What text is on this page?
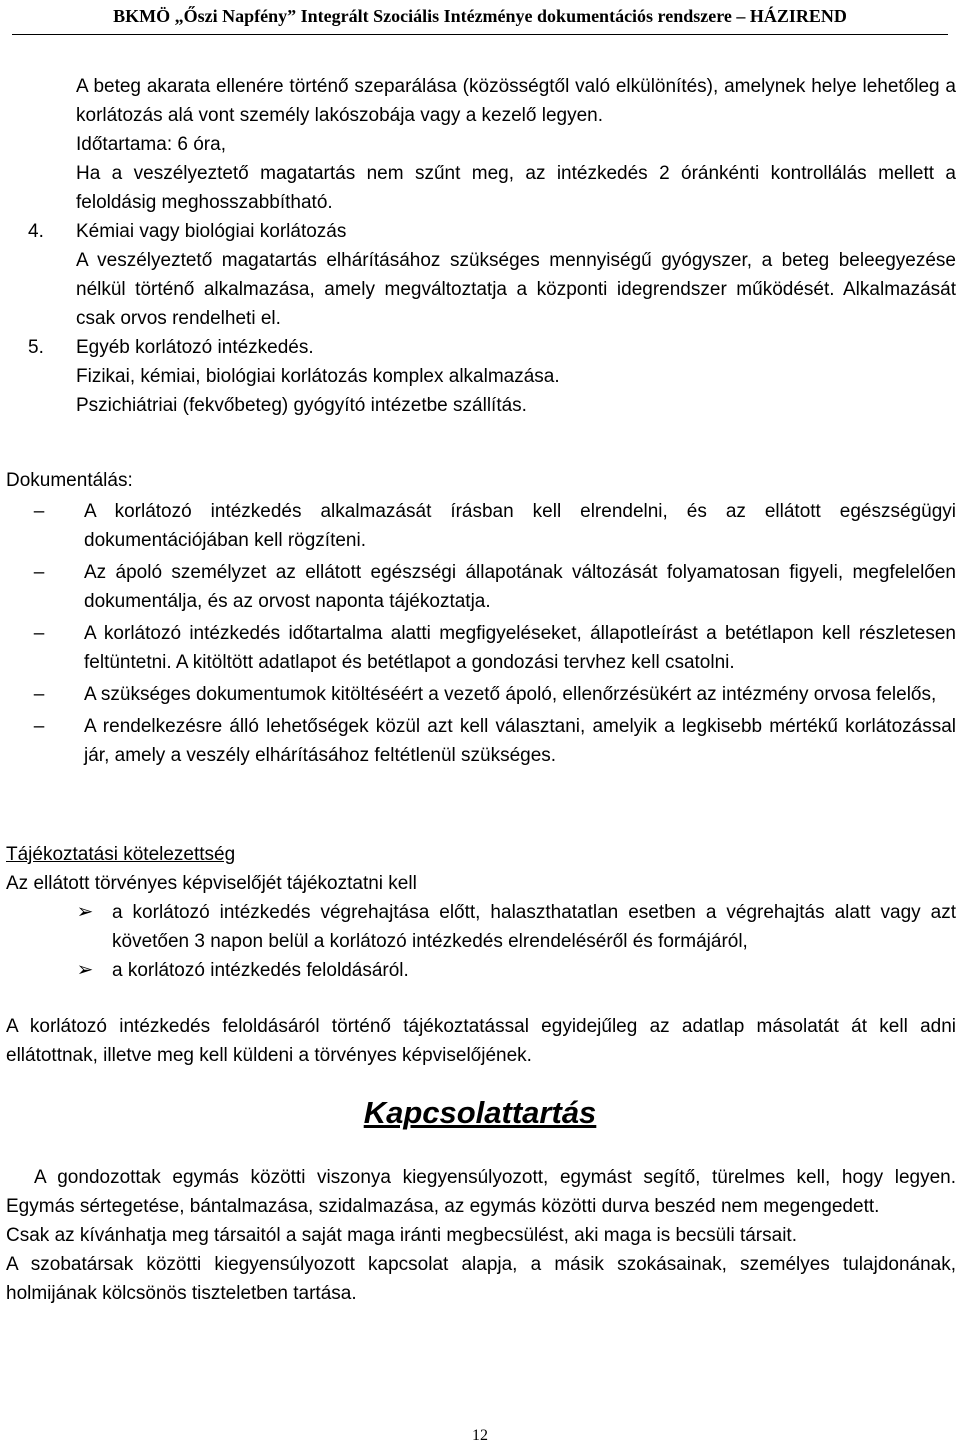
BKMÖ „Őszi Napfény” Integrált Szociális Intézménye dokumentációs rendszere – HÁZIREND

A beteg akarata ellenére történő szeparálása (közösségtől való elkülönítés), amelynek helye lehetőleg a korlátozás alá vont személy lakószobája vagy a kezelő legyen.

Időtartama: 6 óra,

Ha a veszélyeztető magatartás nem szűnt meg, az intézkedés 2 óránkénti kontrollálás mellett a feloldásig meghosszabbítható.

4.	Kémiai vagy biológiai korlátozás

A veszélyeztető magatartás elhárításához szükséges mennyiségű gyógyszer, a beteg beleegyezése nélkül történő alkalmazása, amely megváltoztatja a központi idegrendszer működését. Alkalmazását csak orvos rendelheti el.

5.	Egyéb korlátozó intézkedés.

Fizikai, kémiai, biológiai korlátozás komplex alkalmazása.

Pszichiátriai (fekvőbeteg) gyógyító intézetbe szállítás.

Dokumentálás:
–	A korlátozó intézkedés alkalmazását írásban kell elrendelni, és az ellátott egészségügyi dokumentációjában kell rögzíteni.

–	Az ápoló személyzet az ellátott egészségi állapotának változását folyamatosan figyeli, megfelelően dokumentálja, és az orvost naponta tájékoztatja.

–	A korlátozó intézkedés időtartalma alatti megfigyeléseket, állapotleírást a betétlapon kell részletesen feltüntetni. A kitöltött adatlapot és betétlapot a gondozási tervhez kell csatolni.

–	A szükséges dokumentumok kitöltéséért a vezető ápoló, ellenőrzésükért az intézmény orvosa felelős,

–	A rendelkezésre álló lehetőségek közül azt kell választani, amelyik a legkisebb mértékű korlátozással jár, amely a veszély elhárításához feltétlenül szükséges.

Tájékoztatási kötelezettség

Az ellátott törvényes képviselőjét tájékoztatni kell

➢ a korlátozó intézkedés végrehajtása előtt, halaszthatatlan esetben a végrehajtás alatt vagy azt követően 3 napon belül a korlátozó intézkedés elrendeléséről és formájáról,

➢ a korlátozó intézkedés feloldásáról.

A korlátozó intézkedés feloldásáról történő tájékoztatással egyidejűleg az adatlap másolatát át kell adni ellátottnak, illetve meg kell küldeni a törvényes képviselőjének.

Kapcsolattartás

A gondozottak egymás közötti viszonya kiegyensúlyozott, egymást segítő, türelmes kell, hogy legyen. Egymás sértegetése, bántalmazása, szidalmazása, az egymás közötti durva beszéd nem megengedett.

Csak az kívánhatja meg társaitól a saját maga iránti megbecsülést, aki maga is becsüli társait.

A szobatársak közötti kiegyensúlyozott kapcsolat alapja, a másik szokásainak, személyes tulajdonának, holmijának kölcsönös tiszteletben tartása.

12
